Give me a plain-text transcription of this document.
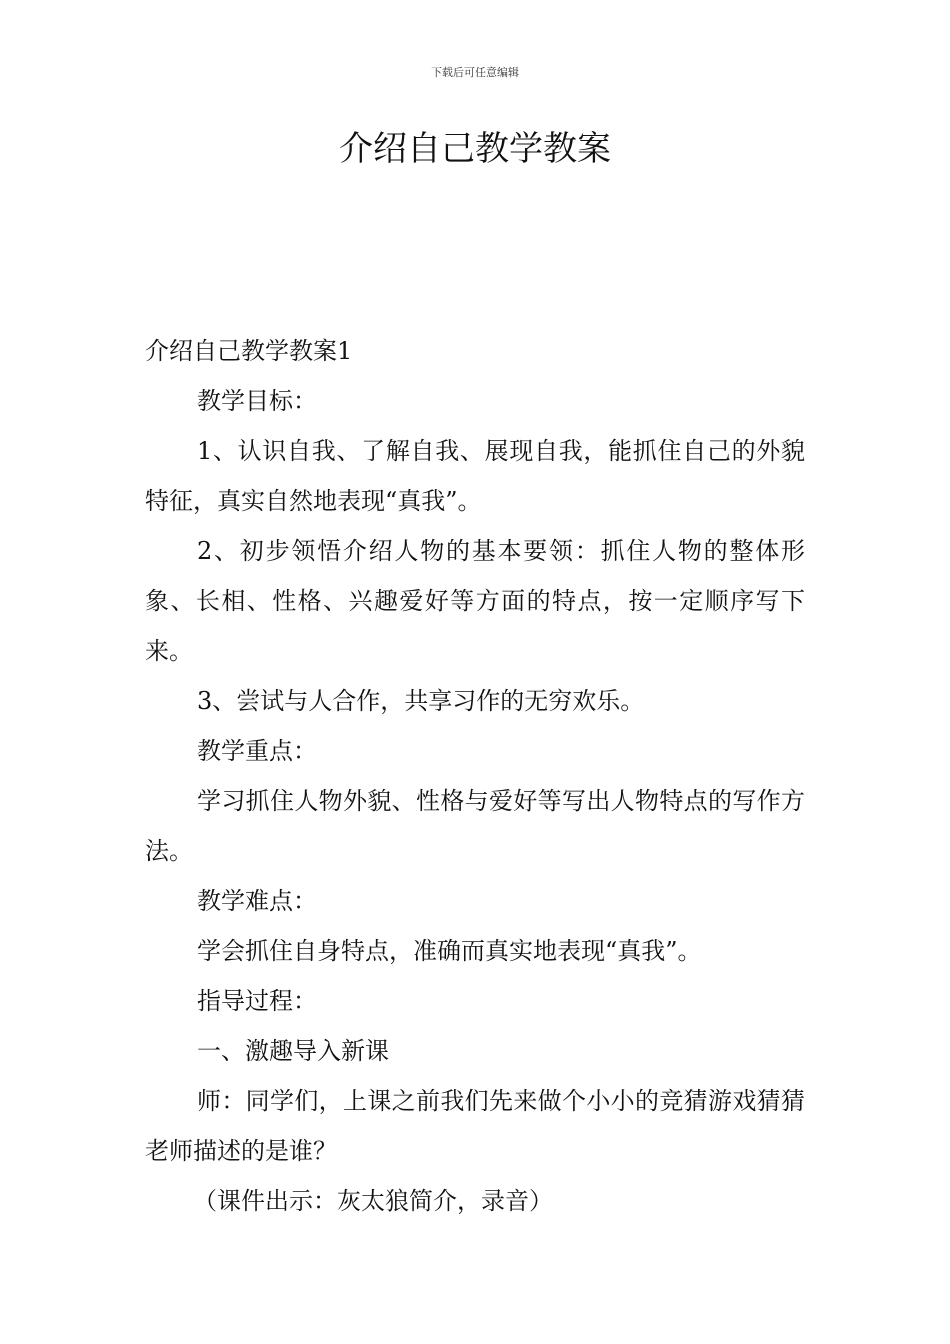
下载后可任意编辑
介绍自己教学教案

介绍自己教学教案1

教学目标：

1、认识自我、了解自我、展现自我，能抓住自己的外貌特征，真实自然地表现“真我”。

2、初步领悟介绍人物的基本要领：抓住人物的整体形象、长相、性格、兴趣爱好等方面的特点，按一定顺序写下来。

3、尝试与人合作，共享习作的无穷欢乐。

教学重点：

学习抓住人物外貌、性格与爱好等写出人物特点的写作方法。

教学难点：

学会抓住自身特点，准确而真实地表现“真我”。

指导过程：

一、激趣导入新课

师：同学们，上课之前我们先来做个小小的竞猜游戏猜猜老师描述的是谁？

（课件出示：灰太狼简介，录音）
